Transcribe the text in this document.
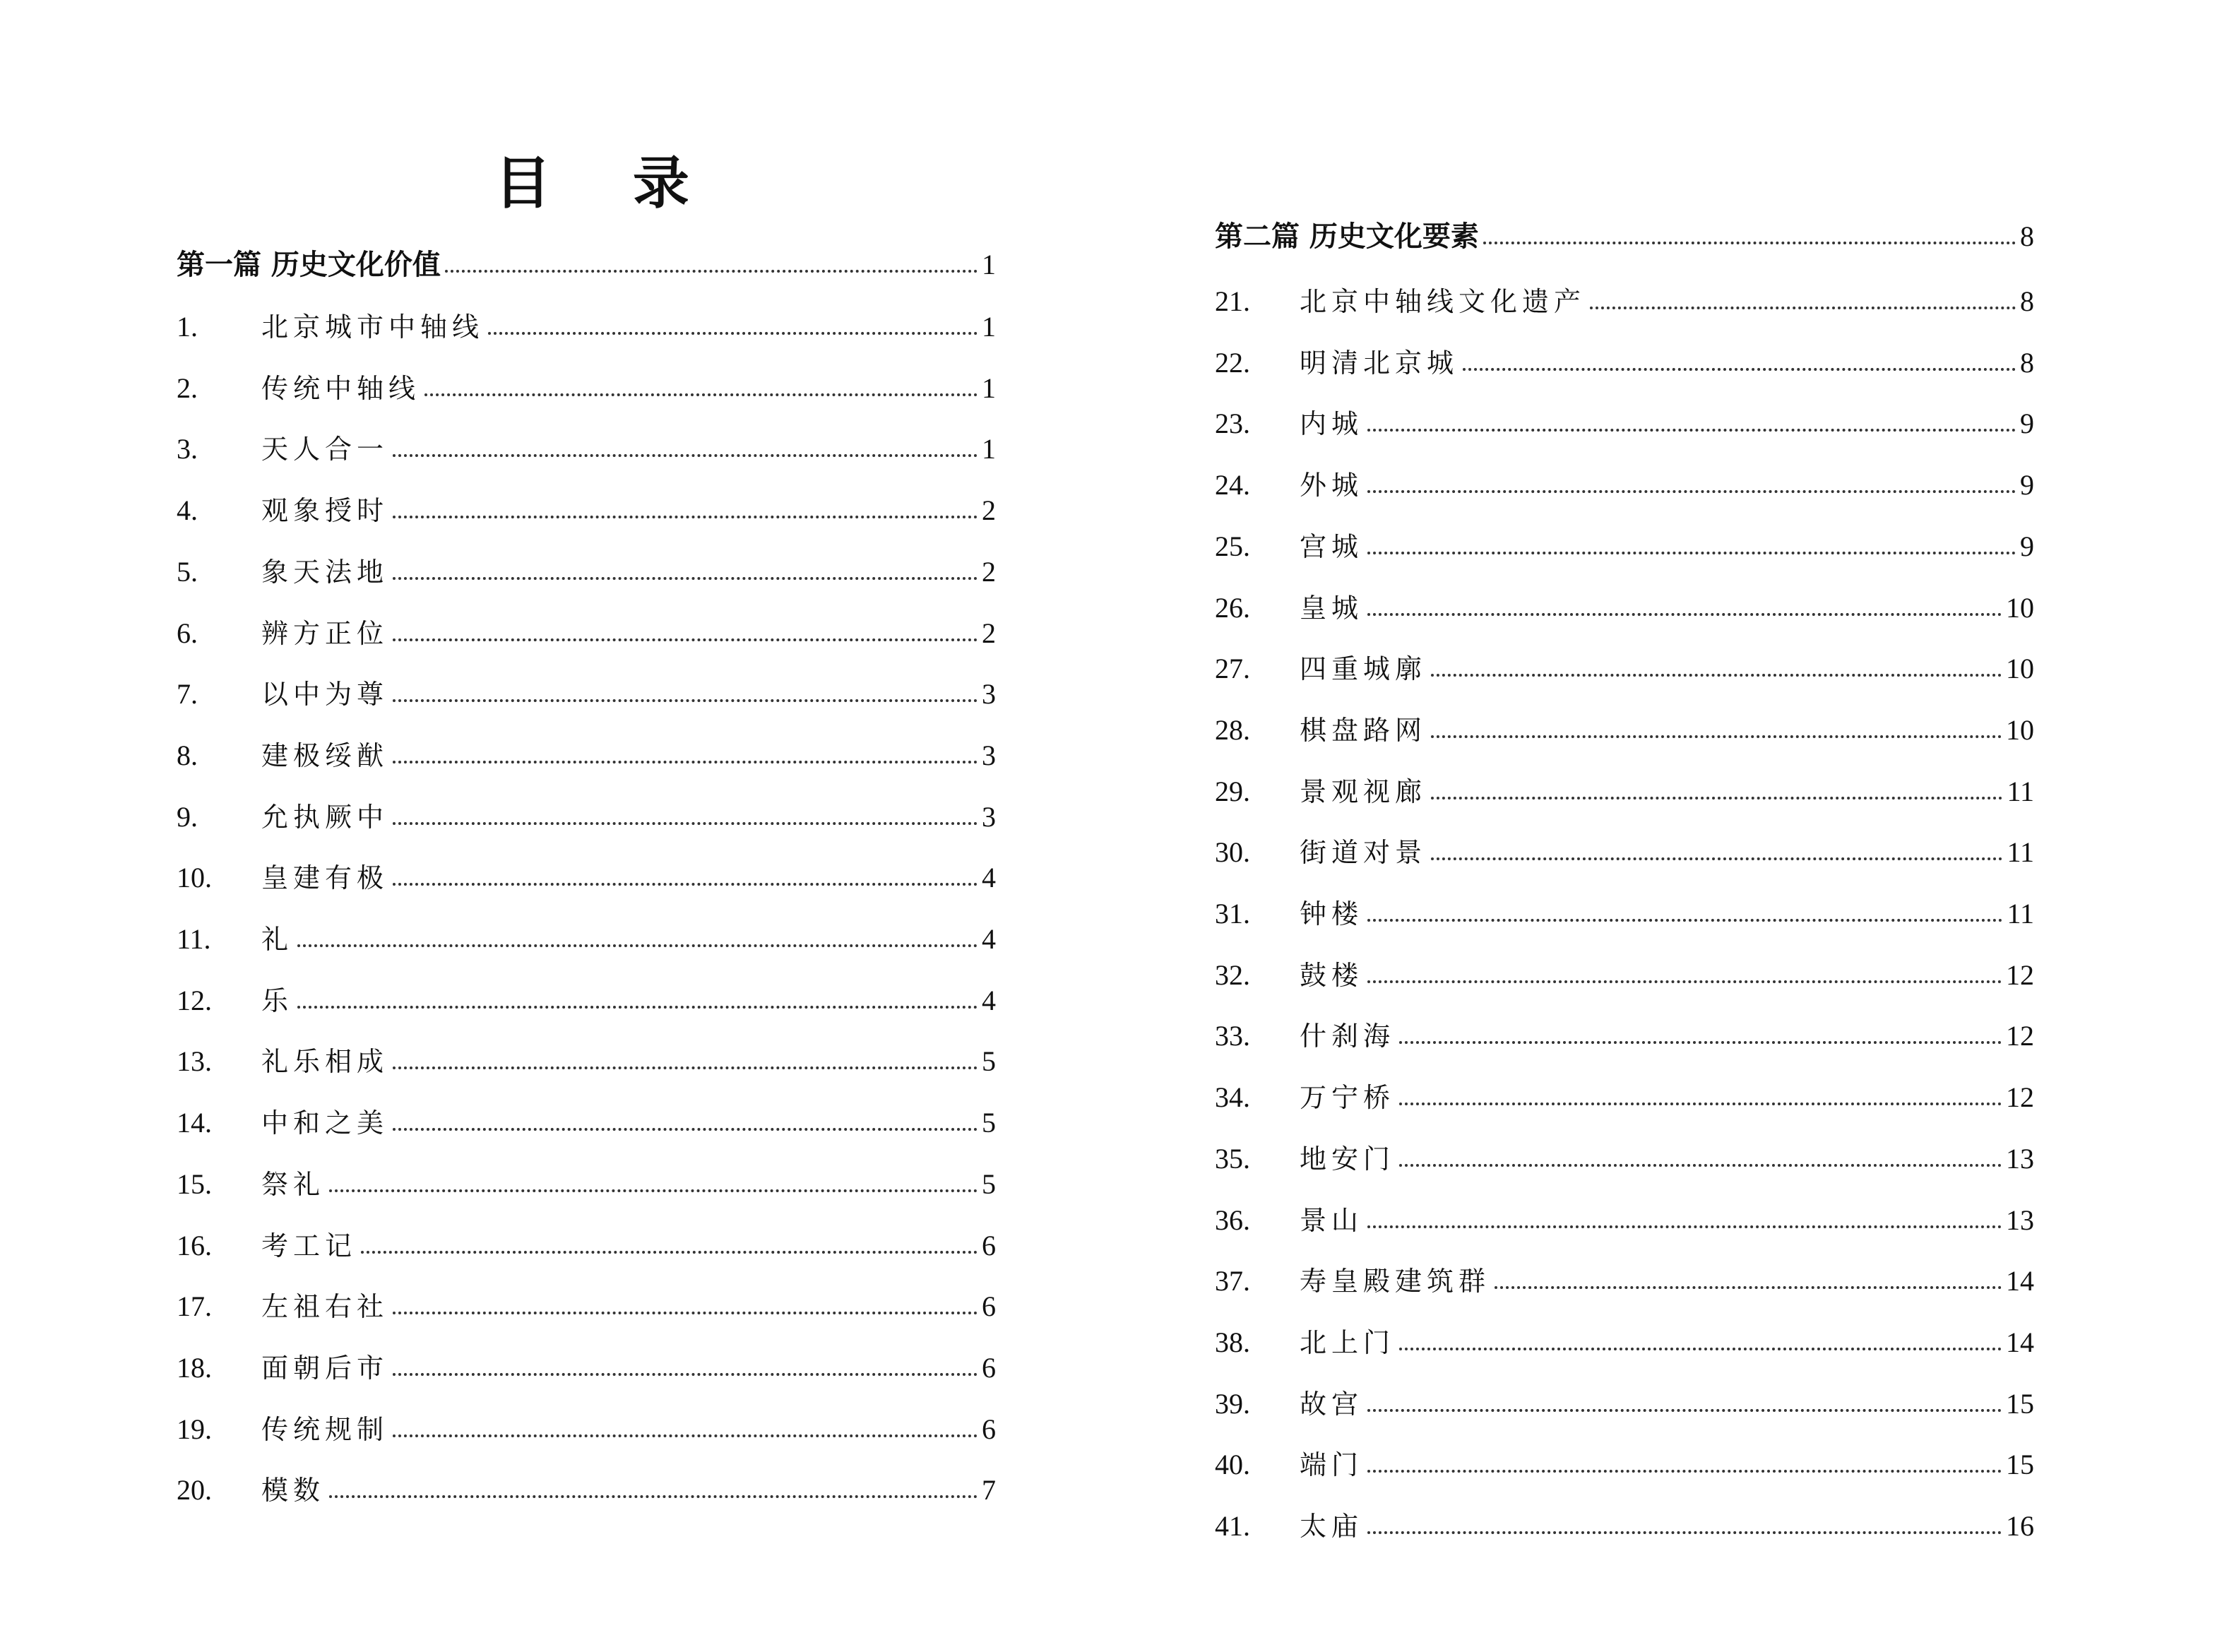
目 录
第一篇 历史文化价值	1
1.	北京城市中轴线	1
2.	传统中轴线	1
3.	天人合一	1
4.	观象授时	2
5.	象天法地	2
6.	辨方正位	2
7.	以中为尊	3
8.	建极绥猷	3
9.	允执厥中	3
10.	皇建有极	4
11.	礼	4
12.	乐	4
13.	礼乐相成	5
14.	中和之美	5
15.	祭礼	5
16.	考工记	6
17.	左祖右社	6
18.	面朝后市	6
19.	传统规制	6
20.	模数	7
第二篇 历史文化要素	8
21.	北京中轴线文化遗产	8
22.	明清北京城	8
23.	内城	9
24.	外城	9
25.	宫城	9
26.	皇城	10
27.	四重城廓	10
28.	棋盘路网	10
29.	景观视廊	11
30.	街道对景	11
31.	钟楼	11
32.	鼓楼	12
33.	什刹海	12
34.	万宁桥	12
35.	地安门	13
36.	景山	13
37.	寿皇殿建筑群	14
38.	北上门	14
39.	故宫	15
40.	端门	15
41.	太庙	16
